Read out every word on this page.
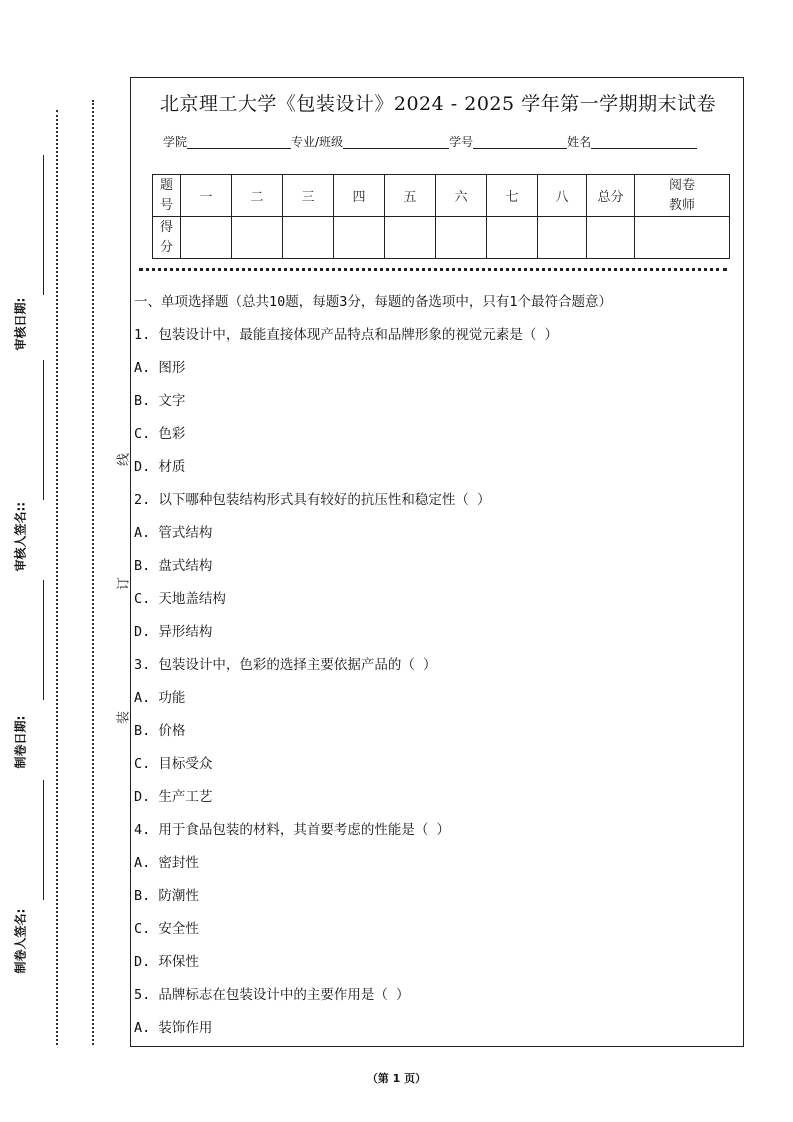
审核日期:
审核人签名::
制卷日期:
制卷人签名:
线
订
装
北京理工大学《包装设计》2024 - 2025 学年第一学期期末试卷
学院	专业/班级	学号	姓名
题号	一	二	三	四	五	六	七	八	总分	阅卷教师
得分										
一、单项选择题（总共10题，每题3分，每题的备选项中，只有1个最符合题意）
1. 包装设计中，最能直接体现产品特点和品牌形象的视觉元素是（ ）
A. 图形
B. 文字
C. 色彩
D. 材质
2. 以下哪种包装结构形式具有较好的抗压性和稳定性（ ）
A. 管式结构
B. 盘式结构
C. 天地盖结构
D. 异形结构
3. 包装设计中，色彩的选择主要依据产品的（ ）
A. 功能
B. 价格
C. 目标受众
D. 生产工艺
4. 用于食品包装的材料，其首要考虑的性能是（ ）
A. 密封性
B. 防潮性
C. 安全性
D. 环保性
5. 品牌标志在包装设计中的主要作用是（ ）
A. 装饰作用
（第 1 页）
